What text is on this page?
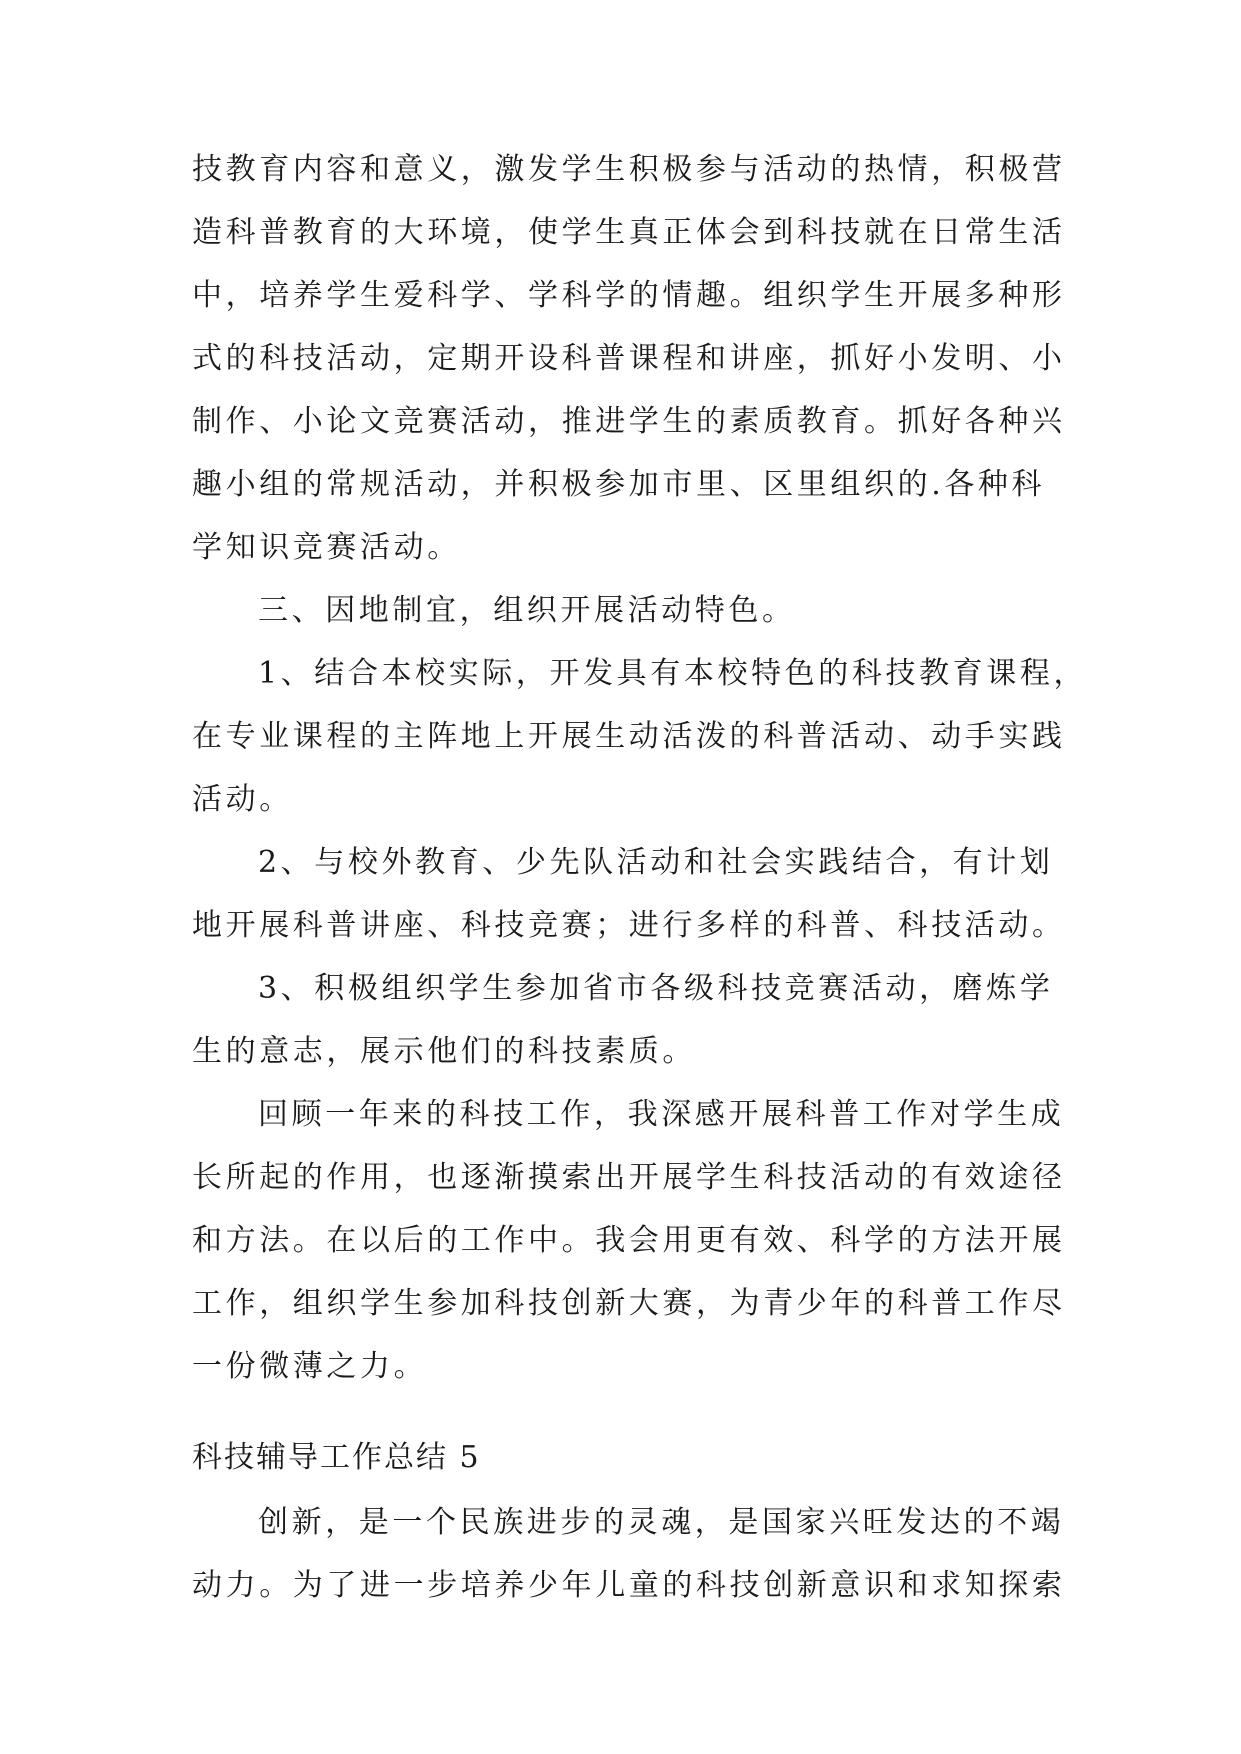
技教育内容和意义，激发学生积极参与活动的热情，积极营
造科普教育的大环境，使学生真正体会到科技就在日常生活
中，培养学生爱科学、学科学的情趣。组织学生开展多种形
式的科技活动，定期开设科普课程和讲座，抓好小发明、小
制作、小论文竞赛活动，推进学生的素质教育。抓好各种兴
趣小组的常规活动，并积极参加市里、区里组织的.各种科
学知识竞赛活动。
三、因地制宜，组织开展活动特色。
1、结合本校实际，开发具有本校特色的科技教育课程，
在专业课程的主阵地上开展生动活泼的科普活动、动手实践
活动。
2、与校外教育、少先队活动和社会实践结合，有计划
地开展科普讲座、科技竞赛；进行多样的科普、科技活动。
3、积极组织学生参加省市各级科技竞赛活动，磨炼学
生的意志，展示他们的科技素质。
回顾一年来的科技工作，我深感开展科普工作对学生成
长所起的作用，也逐渐摸索出开展学生科技活动的有效途径
和方法。在以后的工作中。我会用更有效、科学的方法开展
工作，组织学生参加科技创新大赛，为青少年的科普工作尽
一份微薄之力。
科技辅导工作总结 5
创新，是一个民族进步的灵魂，是国家兴旺发达的不竭
动力。为了进一步培养少年儿童的科技创新意识和求知探索
